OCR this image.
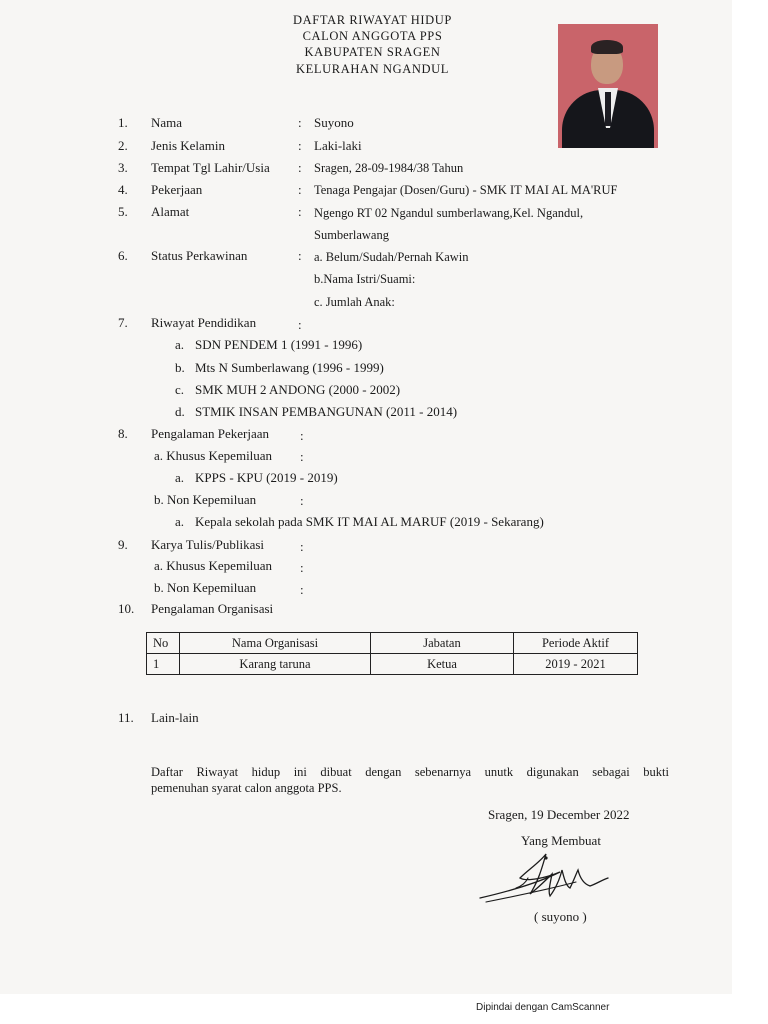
DAFTAR RIWAYAT HIDUP
CALON ANGGOTA PPS
KABUPATEN SRAGEN
KELURAHAN NGANDUL
1. Nama	: Suyono
2. Jenis Kelamin	: Laki-laki
3. Tempat Tgl Lahir/Usia : Sragen, 28-09-1984/38 Tahun
4. Pekerjaan	: Tenaga Pengajar (Dosen/Guru) - SMK IT MAI AL MA'RUF
5. Alamat	: Ngengo RT 02 Ngandul sumberlawang,Kel. Ngandul,
Sumberlawang
6. Status Perkawinan	: a. Belum/Sudah/Pernah Kawin
b.Nama Istri/Suami:
c. Jumlah Anak:
7. Riwayat Pendidikan	:
a. SDN PENDEM 1 (1991 - 1996)
b. Mts N Sumberlawang (1996 - 1999)
c. SMK MUH 2 ANDONG (2000 - 2002)
d. STMIK INSAN PEMBANGUNAN (2011 - 2014)
8. Pengalaman Pekerjaan :
a. Khusus Kepemiluan :
a. KPPS - KPU (2019 - 2019)
b. Non Kepemiluan	:
a. Kepala sekolah pada SMK IT MAI AL MARUF (2019 - Sekarang)
9. Karya Tulis/Publikasi	:
a. Khusus Kepemiluan :
b. Non Kepemiluan	:
10. Pengalaman Organisasi
No	Nama Organisasi	Jabatan	Periode Aktif
1	Karang taruna	Ketua	2019 - 2021
11. Lain-lain
Daftar Riwayat hidup ini dibuat dengan sebenarnya unutk digunakan sebagai bukti
pemenuhan syarat calon anggota PPS.
Sragen, 19 December 2022
Yang Membuat
( suyono )
Dipindai dengan CamScanner
